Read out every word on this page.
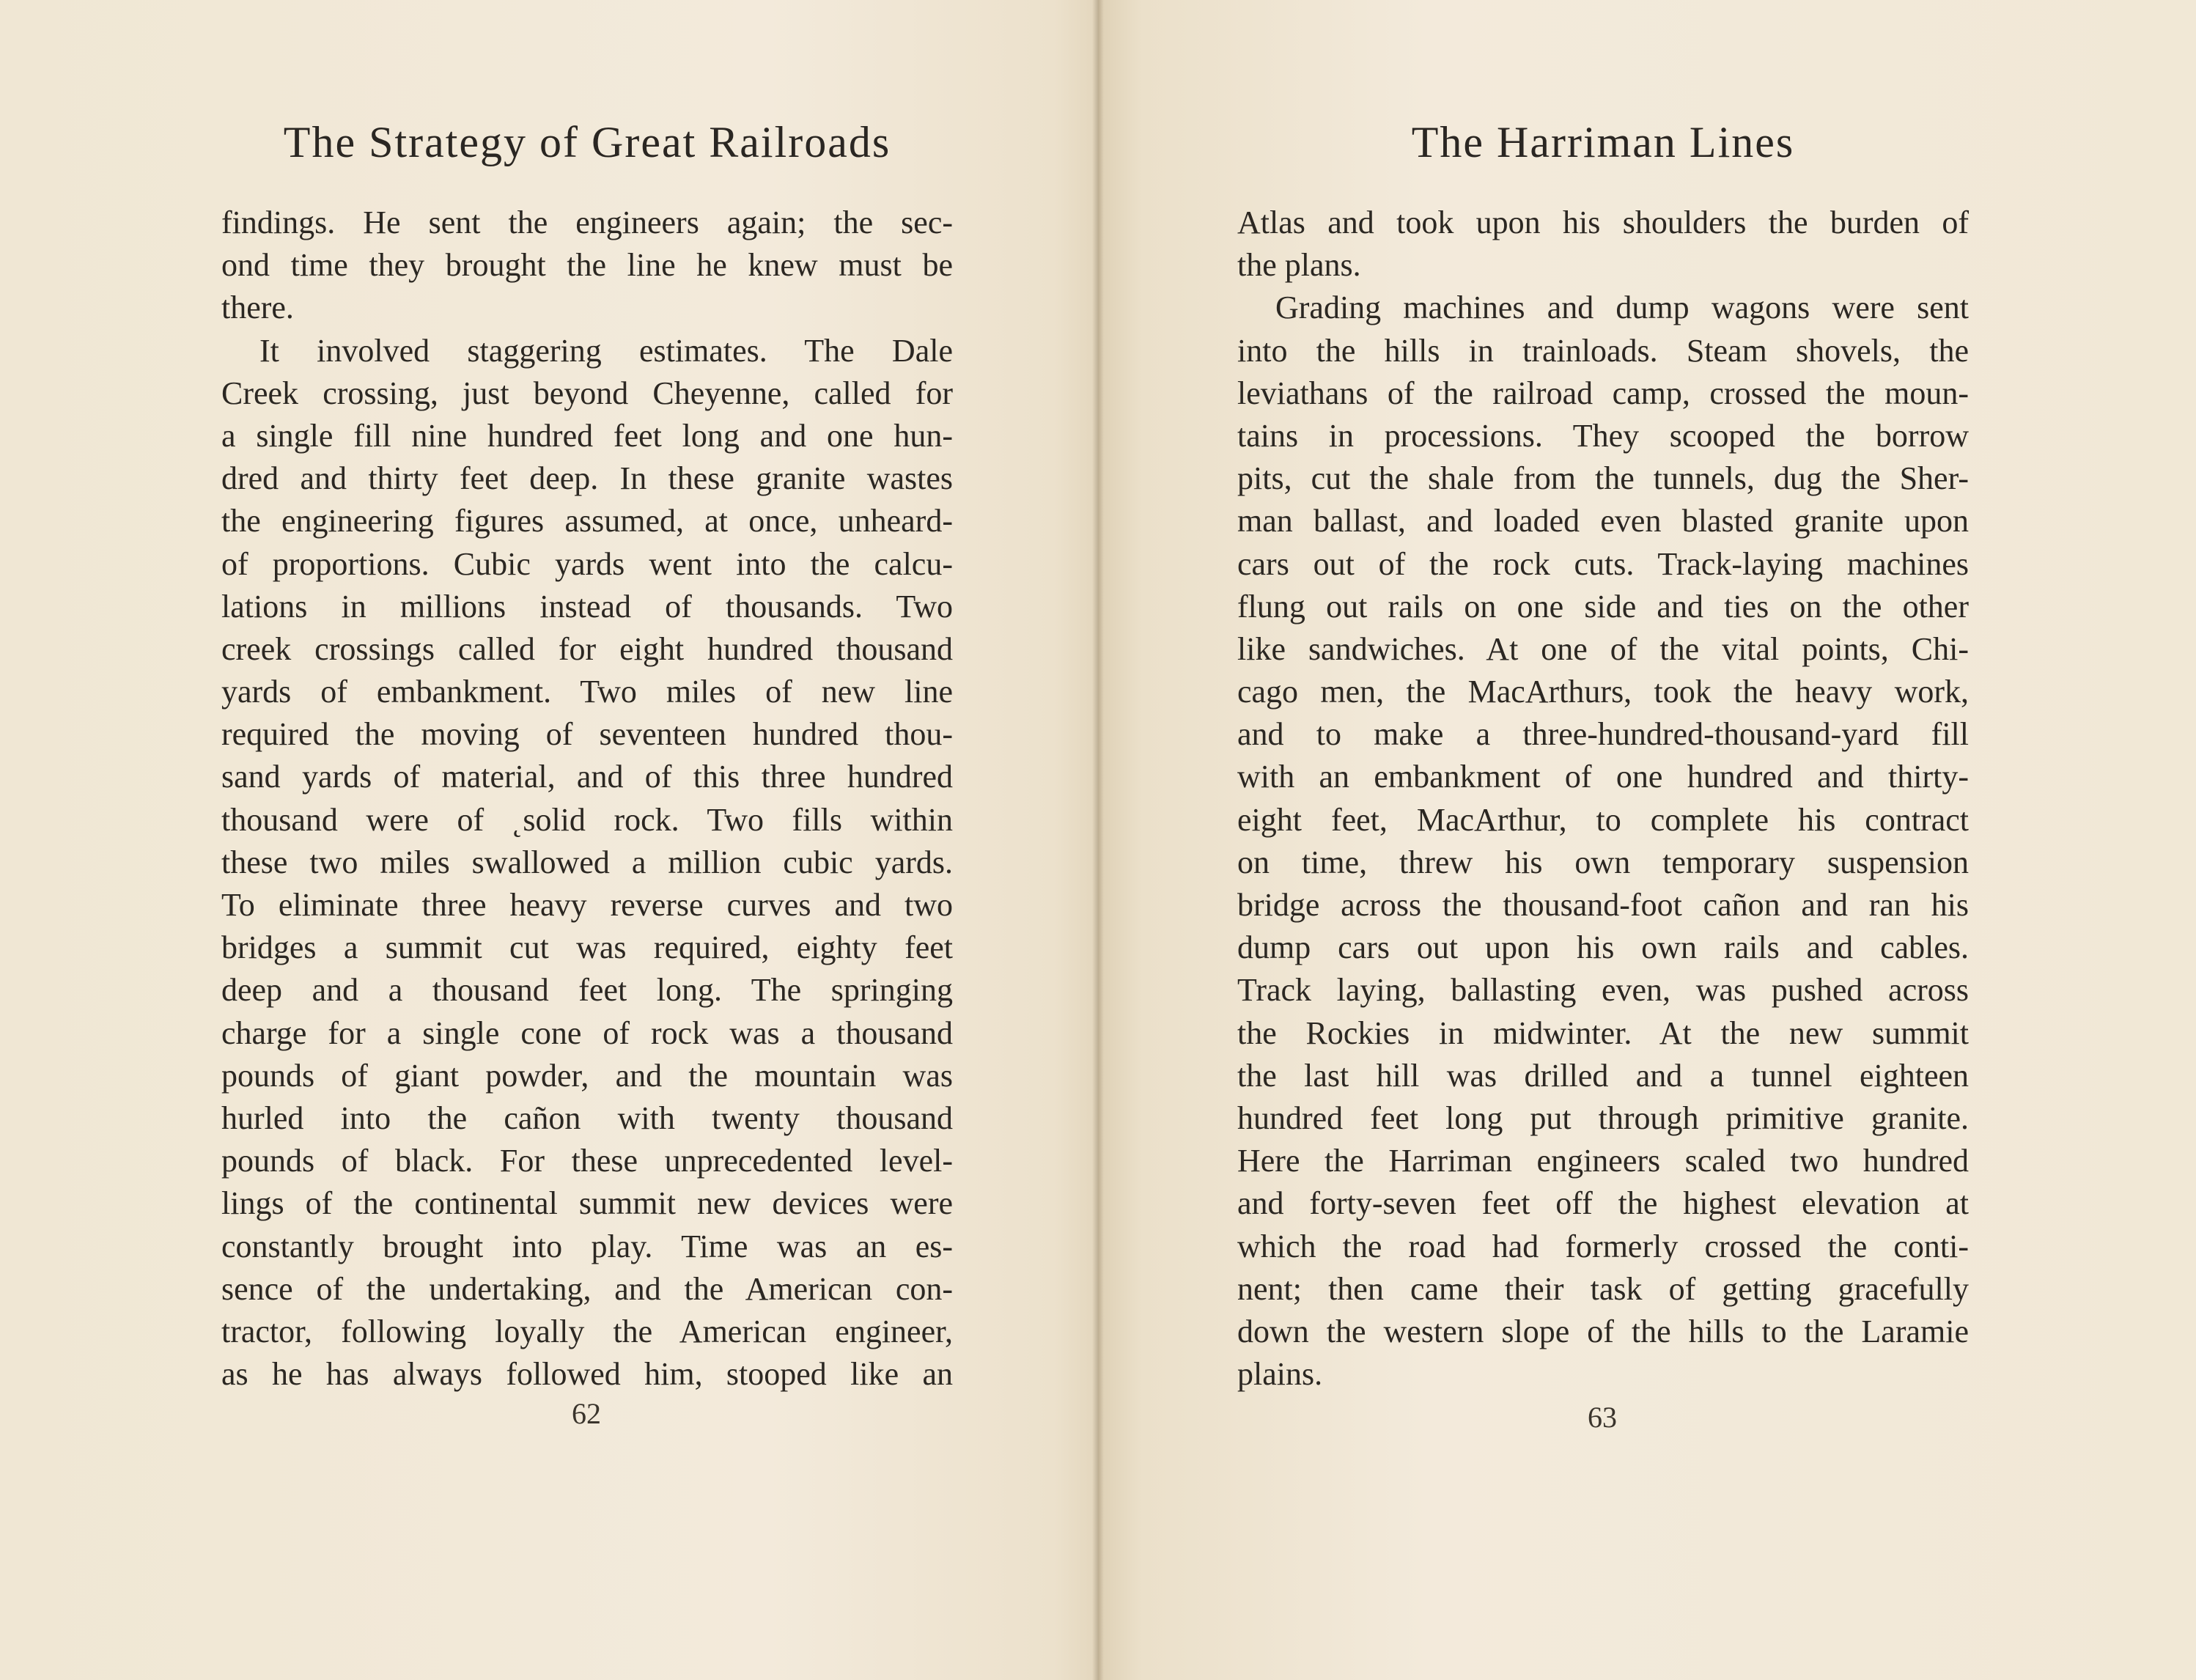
The Strategy of Great Railroads
findings. He sent the engineers again; the sec-
ond time they brought the line he knew must be
there.
It involved staggering estimates. The Dale
Creek crossing, just beyond Cheyenne, called for
a single fill nine hundred feet long and one hun-
dred and thirty feet deep. In these granite wastes
the engineering figures assumed, at once, unheard-
of proportions. Cubic yards went into the calcu-
lations in millions instead of thousands. Two
creek crossings called for eight hundred thousand
yards of embankment. Two miles of new line
required the moving of seventeen hundred thou-
sand yards of material, and of this three hundred
thousand were of ˛solid rock. Two fills within
these two miles swallowed a million cubic yards.
To eliminate three heavy reverse curves and two
bridges a summit cut was required, eighty feet
deep and a thousand feet long. The springing
charge for a single cone of rock was a thousand
pounds of giant powder, and the mountain was
hurled into the cañon with twenty thousand
pounds of black. For these unprecedented level-
lings of the continental summit new devices were
constantly brought into play. Time was an es-
sence of the undertaking, and the American con-
tractor, following loyally the American engineer,
as he has always followed him, stooped like an
62
The Harriman Lines
Atlas and took upon his shoulders the burden of
the plans.
Grading machines and dump wagons were sent
into the hills in trainloads. Steam shovels, the
leviathans of the railroad camp, crossed the moun-
tains in processions. They scooped the borrow
pits, cut the shale from the tunnels, dug the Sher-
man ballast, and loaded even blasted granite upon
cars out of the rock cuts. Track-laying machines
flung out rails on one side and ties on the other
like sandwiches. At one of the vital points, Chi-
cago men, the MacArthurs, took the heavy work,
and to make a three-hundred-thousand-yard fill
with an embankment of one hundred and thirty-
eight feet, MacArthur, to complete his contract
on time, threw his own temporary suspension
bridge across the thousand-foot cañon and ran his
dump cars out upon his own rails and cables.
Track laying, ballasting even, was pushed across
the Rockies in midwinter. At the new summit
the last hill was drilled and a tunnel eighteen
hundred feet long put through primitive granite.
Here the Harriman engineers scaled two hundred
and forty-seven feet off the highest elevation at
which the road had formerly crossed the conti-
nent; then came their task of getting gracefully
down the western slope of the hills to the Laramie
plains.
63
